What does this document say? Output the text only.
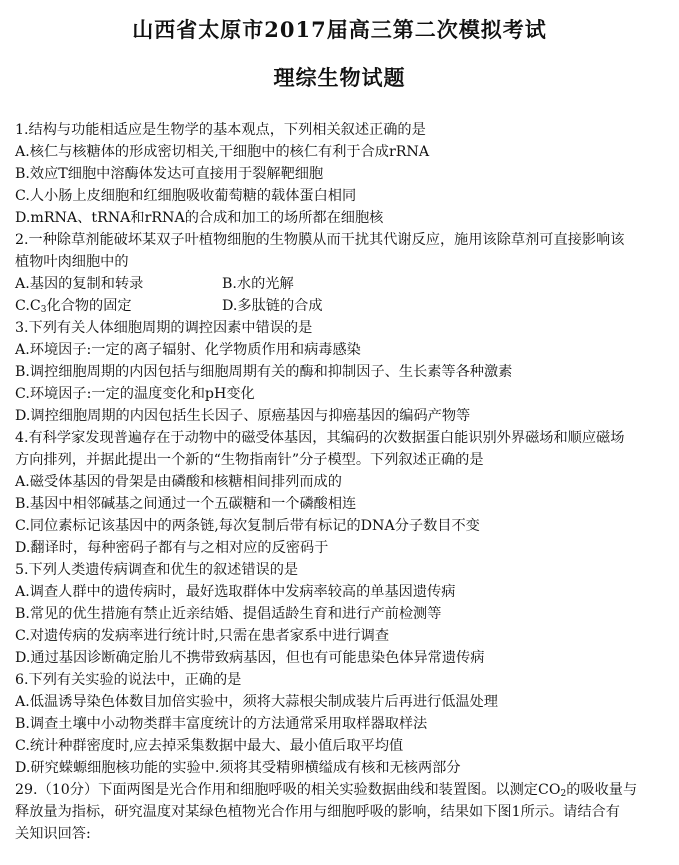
山西省太原市2017届高三第二次模拟考试
理综生物试题
1.结构与功能相适应是生物学的基本观点，下列相关叙述正确的是
A.核仁与核糖体的形成密切相关,干细胞中的核仁有利于合成rRNA
B.效应T细胞中溶酶体发达可直接用于裂解靶细胞
C.人小肠上皮细胞和红细胞吸收葡萄糖的载体蛋白相同
D.mRNA、tRNA和rRNA的合成和加工的场所都在细胞核
2.一种除草剂能破坏某双子叶植物细胞的生物膜从而干扰其代谢反应，施用该除草剂可直接影响该
植物叶肉细胞中的
A.基因的复制和转录	B.水的光解
$C.C_3$化合物的固定	D.多肽链的合成
3.下列有关人体细胞周期的调控因素中错误的是
A.环境因子:一定的离子辐射、化学物质作用和病毒感染
B.调控细胞周期的内因包括与细胞周期有关的酶和抑制因子、生长素等各种激素
C.环境因子:一定的温度变化和pH变化
D.调控细胞周期的内因包括生长因子、原癌基因与抑癌基因的编码产物等
4.有科学家发现普遍存在于动物中的磁受体基因，其编码的次数据蛋白能识别外界磁场和顺应磁场
方向排列，并据此提出一个新的“生物指南针”分子模型。下列叙述正确的是
A.磁受体基因的骨架是由磷酸和核糖相间排列而成的
B.基因中相邻碱基之间通过一个五碳糖和一个磷酸相连
C.同位素标记该基因中的两条链,每次复制后带有标记的DNA分子数目不变
D.翻译时，每种密码子都有与之相对应的反密码于
5.下列人类遗传病调查和优生的叙述错误的是
A.调查人群中的遗传病时，最好选取群体中发病率较高的单基因遗传病
B.常见的优生措施有禁止近亲结婚、提倡适龄生育和进行产前检测等
C.对遗传病的发病率进行统计时,只需在患者家系中进行调查
D.通过基因诊断确定胎儿不携带致病基因，但也有可能患染色体异常遗传病
6.下列有关实验的说法中，正确的是
A.低温诱导染色体数目加倍实验中，须将大蒜根尖制成装片后再进行低温处理
B.调查土壤中小动物类群丰富度统计的方法通常采用取样器取样法
C.统计种群密度时,应去掉采集数据中最大、最小值后取平均值
D.研究蝾螈细胞核功能的实验中.须将其受精卵横缢成有核和无核两部分
29.（10分）下面两图是光合作用和细胞呼吸的相关实验数据曲线和装置图。以测定$CO_2$的吸收量与
释放量为指标，研究温度对某绿色植物光合作用与细胞呼吸的影响，结果如下图1所示。请结合有
关知识回答:
